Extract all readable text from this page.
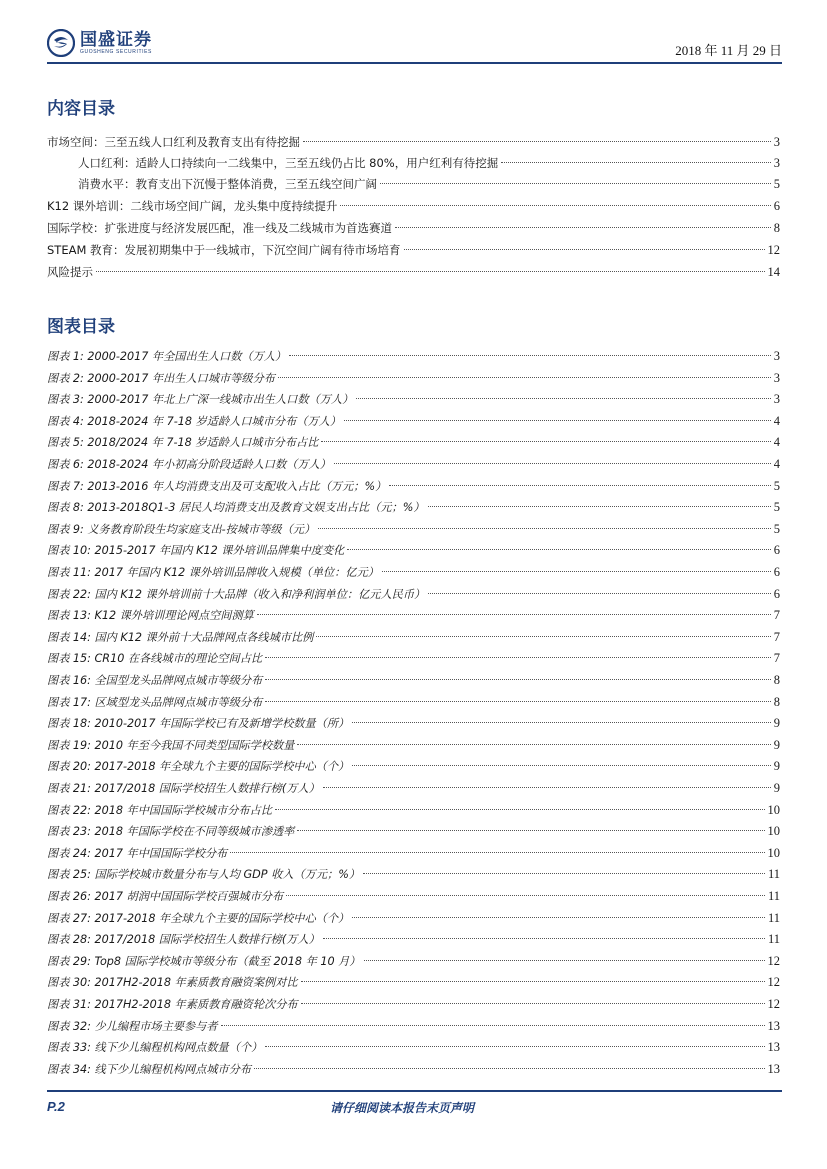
国盛证券
GUOSHENG SECURITIES	2018 年 11 月 29 日
内容目录
市场空间：三至五线人口红利及教育支出有待挖掘	3
人口红利：适龄人口持续向一二线集中，三至五线仍占比 80%，用户红利有待挖掘	3
消费水平：教育支出下沉慢于整体消费，三至五线空间广阔	5
K12 课外培训：二线市场空间广阔，龙头集中度持续提升	6
国际学校：扩张进度与经济发展匹配，准一线及二线城市为首选赛道	8
STEAM 教育：发展初期集中于一线城市，下沉空间广阔有待市场培育	12
风险提示	14
图表目录
图表 1: 2000-2017 年全国出生人口数（万人）	3
图表 2: 2000-2017 年出生人口城市等级分布	3
图表 3: 2000-2017 年北上广深一线城市出生人口数（万人）	3
图表 4: 2018-2024 年 7-18 岁适龄人口城市分布（万人）	4
图表 5: 2018/2024 年 7-18 岁适龄人口城市分布占比	4
图表 6: 2018-2024 年小初高分阶段适龄人口数（万人）	4
图表 7: 2013-2016 年人均消费支出及可支配收入占比（万元；%）	5
图表 8: 2013-2018Q1-3 居民人均消费支出及教育文娱支出占比（元；%）	5
图表 9: 义务教育阶段生均家庭支出-按城市等级（元）	5
图表 10: 2015-2017 年国内 K12 课外培训品牌集中度变化	6
图表 11: 2017 年国内 K12 课外培训品牌收入规模（单位：亿元）	6
图表 22: 国内 K12 课外培训前十大品牌（收入和净利润单位：亿元人民币）	6
图表 13: K12 课外培训理论网点空间测算	7
图表 14: 国内 K12 课外前十大品牌网点各线城市比例	7
图表 15: CR10 在各线城市的理论空间占比	7
图表 16: 全国型龙头品牌网点城市等级分布	8
图表 17: 区域型龙头品牌网点城市等级分布	8
图表 18: 2010-2017 年国际学校已有及新增学校数量（所）	9
图表 19: 2010 年至今我国不同类型国际学校数量	9
图表 20: 2017-2018 年全球九个主要的国际学校中心（个）	9
图表 21: 2017/2018 国际学校招生人数排行榜(万人）	9
图表 22: 2018 年中国国际学校城市分布占比	10
图表 23: 2018 年国际学校在不同等级城市渗透率	10
图表 24: 2017 年中国国际学校分布	10
图表 25: 国际学校城市数量分布与人均 GDP 收入（万元；%）	11
图表 26: 2017 胡润中国国际学校百强城市分布	11
图表 27: 2017-2018 年全球九个主要的国际学校中心（个）	11
图表 28: 2017/2018 国际学校招生人数排行榜(万人）	11
图表 29: Top8 国际学校城市等级分布（截至 2018 年 10 月）	12
图表 30: 2017H2-2018 年素质教育融资案例对比	12
图表 31: 2017H2-2018 年素质教育融资轮次分布	12
图表 32: 少儿编程市场主要参与者	13
图表 33: 线下少儿编程机构网点数量（个）	13
图表 34: 线下少儿编程机构网点城市分布	13
P.2	请仔细阅读本报告末页声明
